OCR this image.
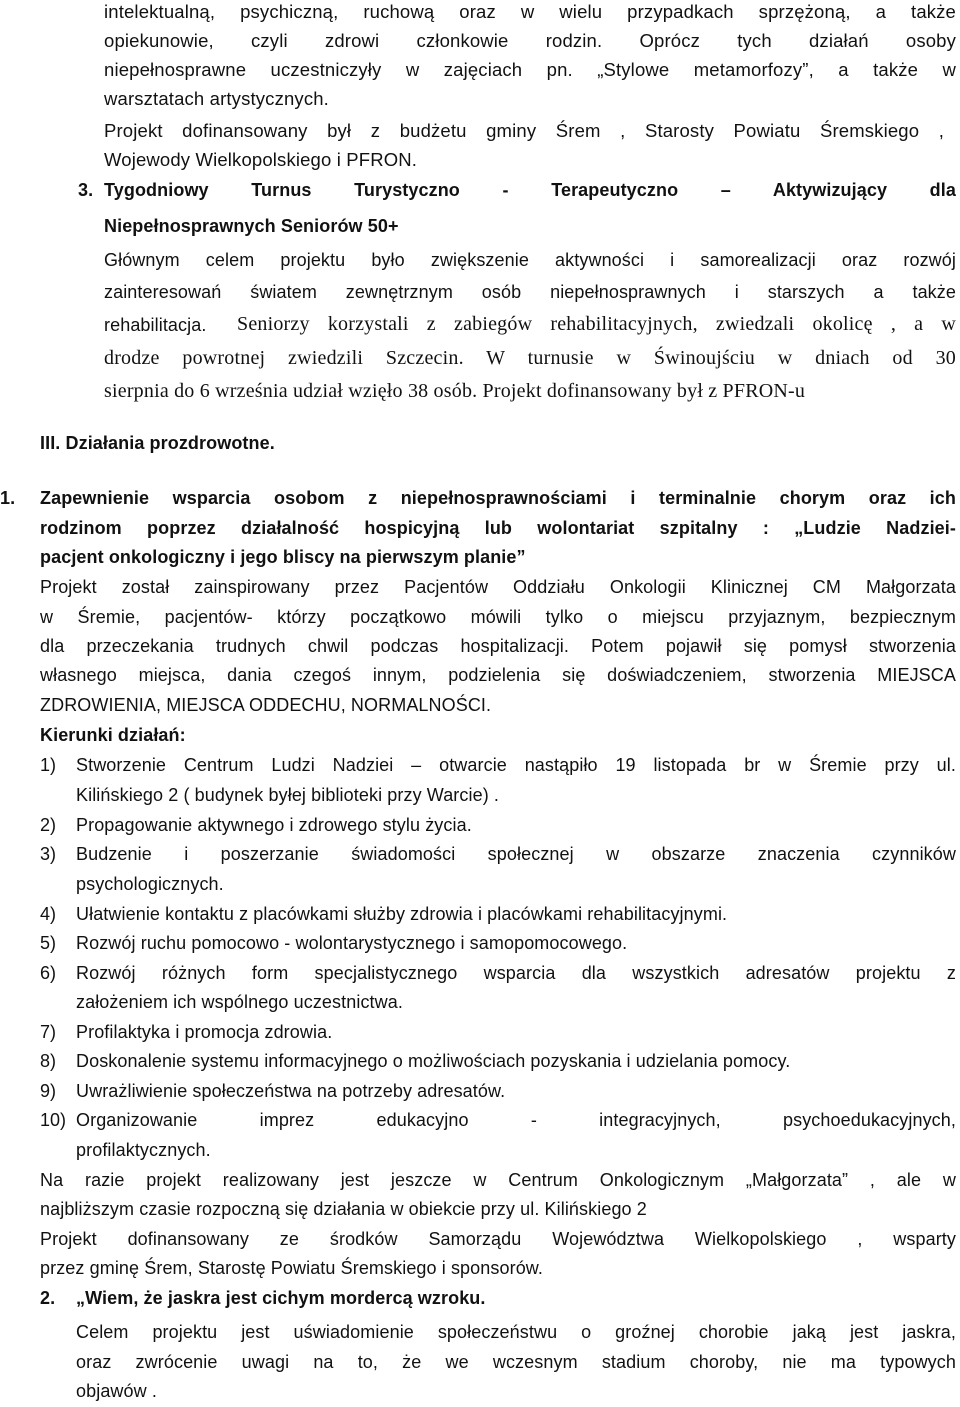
intelektualną, psychiczną, ruchową oraz w wielu przypadkach sprzężoną, a także
opiekunowie, czyli zdrowi członkowie rodzin. Oprócz tych działań osoby
niepełnosprawne uczestniczyły w zajęciach pn. „Stylowe metamorfozy”, a także w
warsztatach artystycznych.
Projekt dofinansowany był z budżetu gminy Śrem , Starosty Powiatu Śremskiego ,
Wojewody Wielkopolskiego i PFRON.
3. Tygodniowy Turnus Turystyczno - Terapeutyczno – Aktywizujący dla
Niepełnosprawnych Seniorów 50+
Głównym celem projektu było zwiększenie aktywności i samorealizacji oraz rozwój
zainteresowań światem zewnętrznym osób niepełnosprawnych i starszych a także
rehabilitacja. Seniorzy korzystali z zabiegów rehabilitacyjnych, zwiedzali okolicę , a w
drodze powrotnej zwiedzili Szczecin. W turnusie w Świnoujściu w dniach od 30
sierpnia do 6 września udział wzięło 38 osób. Projekt dofinansowany był z PFRON-u
III. Działania prozdrowotne.
1. Zapewnienie wsparcia osobom z niepełnosprawnościami i terminalnie chorym oraz ich
rodzinom poprzez działalność hospicyjną lub wolontariat szpitalny : „Ludzie Nadziei-
pacjent onkologiczny i jego bliscy na pierwszym planie”
Projekt został zainspirowany przez Pacjentów Oddziału Onkologii Klinicznej CM Małgorzata
w Śremie, pacjentów- którzy początkowo mówili tylko o miejscu przyjaznym, bezpiecznym
dla przeczekania trudnych chwil podczas hospitalizacji. Potem pojawił się pomysł stworzenia
własnego miejsca, dania czegoś innym, podzielenia się doświadczeniem, stworzenia MIEJSCA
ZDROWIENIA, MIEJSCA ODDECHU, NORMALNOŚCI.
Kierunki działań:
1) Stworzenie Centrum Ludzi Nadziei – otwarcie nastąpiło 19 listopada br w Śremie przy ul.
Kilińskiego 2 ( budynek byłej biblioteki przy Warcie) .
2) Propagowanie aktywnego i zdrowego stylu życia.
3) Budzenie i poszerzanie świadomości społecznej w obszarze znaczenia czynników
psychologicznych.
4) Ułatwienie kontaktu z placówkami służby zdrowia i placówkami rehabilitacyjnymi.
5) Rozwój ruchu pomocowo - wolontarystycznego i samopomocowego.
6) Rozwój różnych form specjalistycznego wsparcia dla wszystkich adresatów projektu z
założeniem ich wspólnego uczestnictwa.
7) Profilaktyka i promocja zdrowia.
8) Doskonalenie systemu informacyjnego o możliwościach pozyskania i udzielania pomocy.
9) Uwrażliwienie społeczeństwa na potrzeby adresatów.
10) Organizowanie imprez edukacyjno - integracyjnych, psychoedukacyjnych,
profilaktycznych.
Na razie projekt realizowany jest jeszcze w Centrum Onkologicznym „Małgorzata” , ale w
najbliższym czasie rozpoczną się działania w obiekcie przy ul. Kilińskiego 2
Projekt dofinansowany ze środków Samorządu Województwa Wielkopolskiego , wsparty
przez gminę Śrem, Starostę Powiatu Śremskiego i sponsorów.
2. „Wiem, że jaskra jest cichym mordercą wzroku.
Celem projektu jest uświadomienie społeczeństwu o groźnej chorobie jaką jest jaskra,
oraz zwrócenie uwagi na to, że we wczesnym stadium choroby, nie ma typowych
objawów .
